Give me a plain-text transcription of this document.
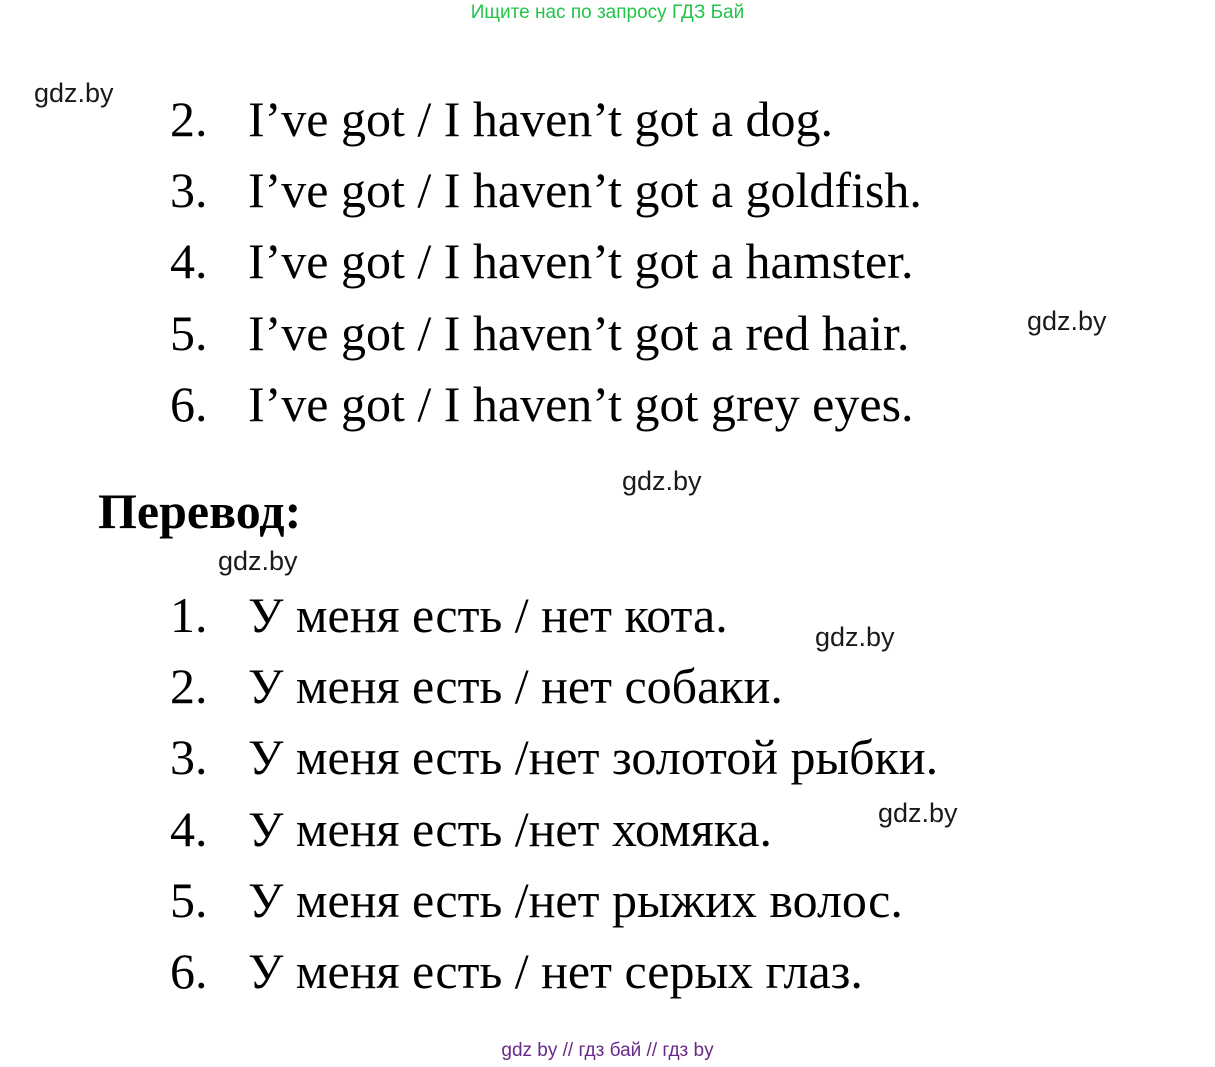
Ищите нас по запросу ГДЗ Бай
gdz.by
gdz.by
gdz.by
gdz.by
gdz.by
gdz.by
2. I’ve got / I haven’t got a dog.
3. I’ve got / I haven’t got a goldfish.
4. I’ve got / I haven’t got a hamster.
5. I’ve got / I haven’t got a red hair.
6. I’ve got / I haven’t got grey eyes.
Перевод:
1. У меня есть / нет кота.
2. У меня есть / нет собаки.
3. У меня есть /нет золотой рыбки.
4. У меня есть /нет хомяка.
5. У меня есть /нет рыжих волос.
6. У меня есть / нет серых глаз.
gdz by // гдз бай // гдз by
